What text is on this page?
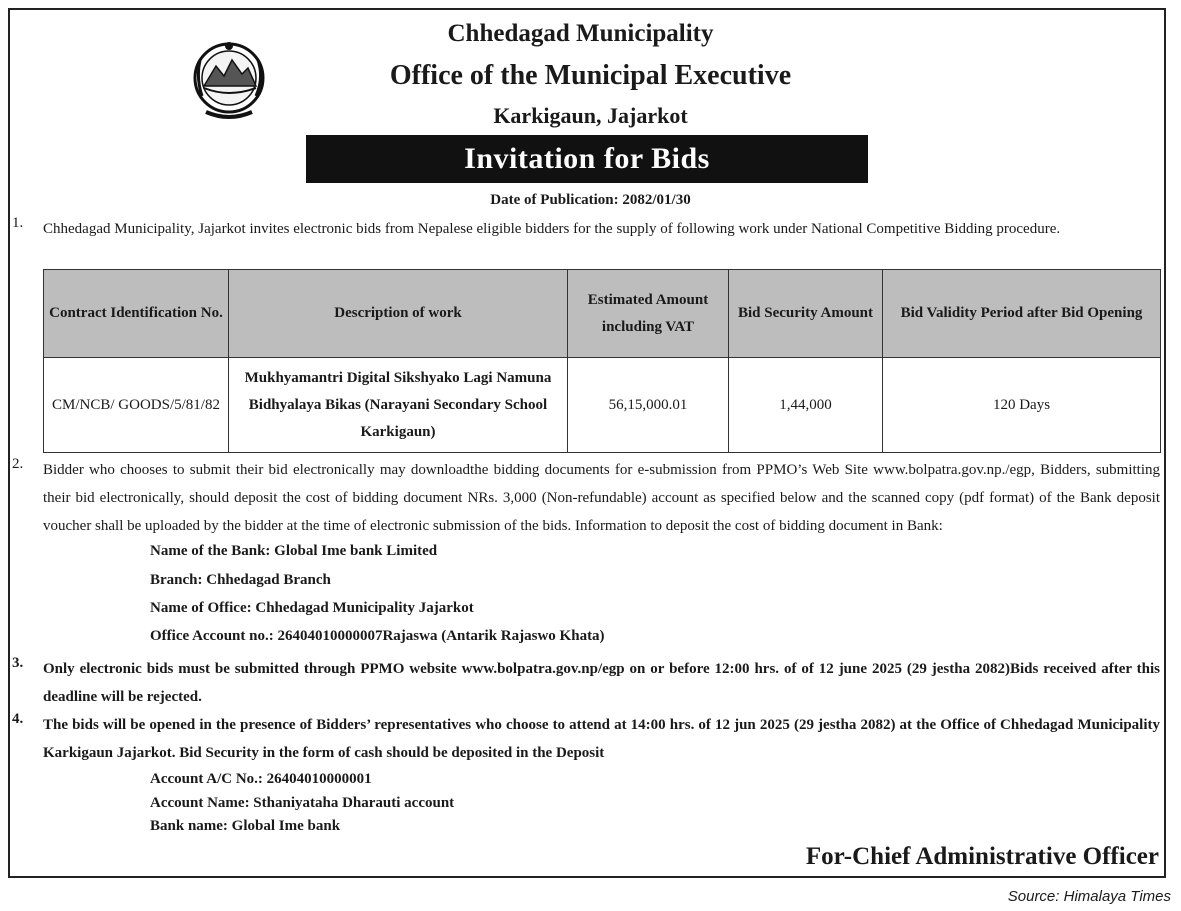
Chhedagad Municipality
Office of the Municipal Executive
Karkigaun, Jajarkot
Invitation for Bids
Date of Publication: 2082/01/30
1. Chhedagad Municipality, Jajarkot invites electronic bids from Nepalese eligible bidders for the supply of following work under National Competitive Bidding procedure.
Contract Identification No.	Description of work	Estimated Amount including VAT	Bid Security Amount	Bid Validity Period after Bid Opening
CM/NCB/ GOODS/5/81/82	Mukhyamantri Digital Sikshyako Lagi Namuna Bidhyalaya Bikas (Narayani Secondary School Karkigaun)	56,15,000.01	1,44,000	120 Days
2. Bidder who chooses to submit their bid electronically may downloadthe bidding documents for e-submission from PPMO’s Web Site www.bolpatra.gov.np./egp, Bidders, submitting their bid electronically, should deposit the cost of bidding document NRs. 3,000 (Non-refundable) account as specified below and the scanned copy (pdf format) of the Bank deposit voucher shall be uploaded by the bidder at the time of electronic submission of the bids. Information to deposit the cost of bidding document in Bank:
Name of the Bank: Global Ime bank Limited
Branch: Chhedagad Branch
Name of Office: Chhedagad Municipality Jajarkot
Office Account no.: 26404010000007Rajaswa (Antarik Rajaswo Khata)
3. Only electronic bids must be submitted through PPMO website www.bolpatra.gov.np/egp on or before 12:00 hrs. of of 12 june 2025 (29 jestha 2082)Bids received after this deadline will be rejected.
4. The bids will be opened in the presence of Bidders’ representatives who choose to attend at 14:00 hrs. of 12 jun 2025 (29 jestha 2082) at the Office of Chhedagad Municipality Karkigaun Jajarkot. Bid Security in the form of cash should be deposited in the Deposit
Account A/C No.: 26404010000001
Account Name: Sthaniyataha Dharauti account
Bank name: Global Ime bank
For-Chief Administrative Officer
Source: Himalaya Times
